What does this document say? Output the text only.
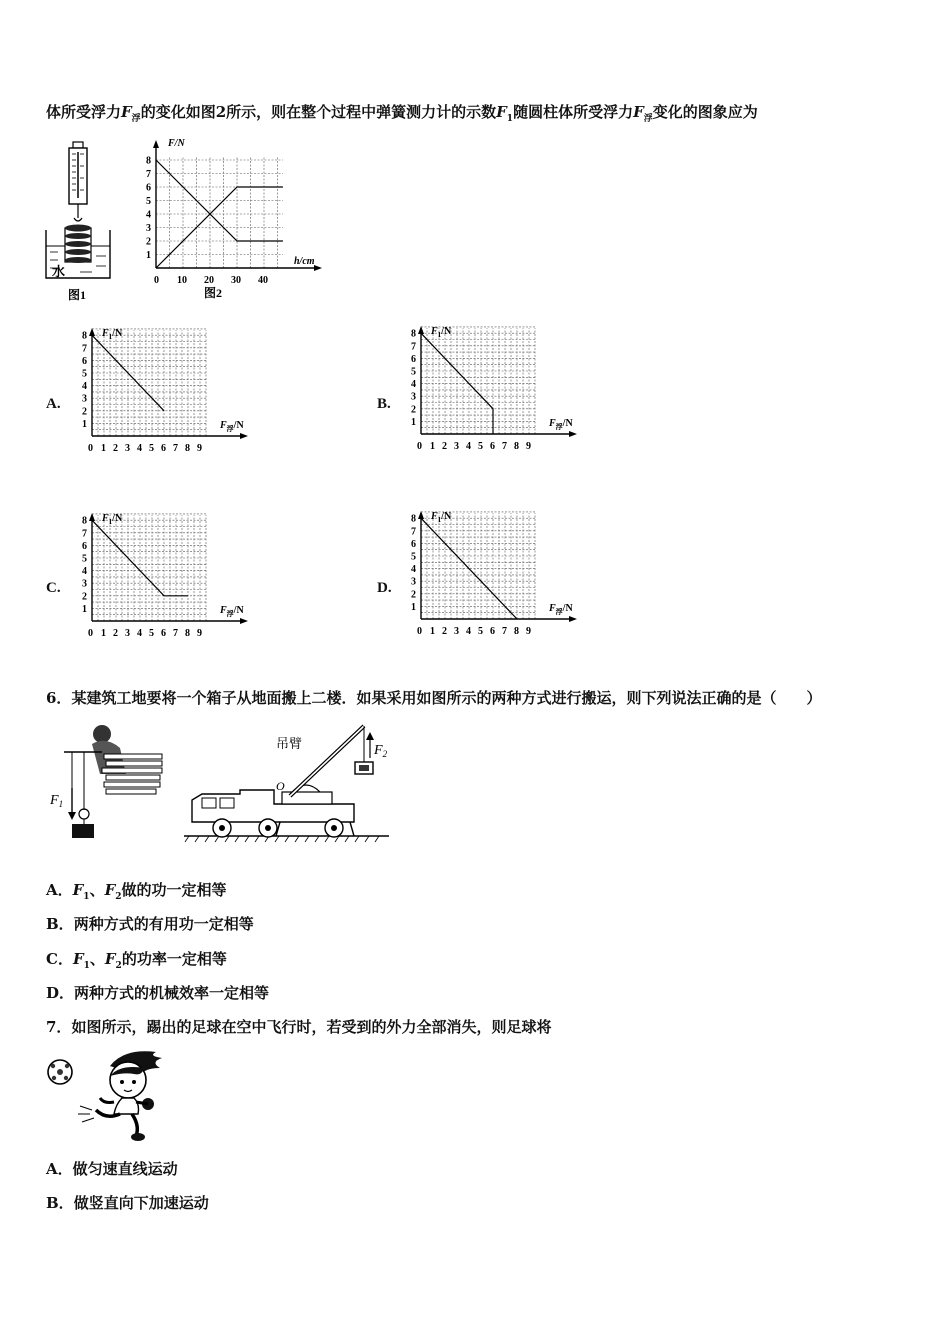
体所受浮力$F_浮$的变化如图2所示，则在整个过程中弹簧测力计的示数$F_1$随圆柱体所受浮力$F_浮$变化的图象应为
水
图1
1
2
3
4
5
6
7
8
0 10 20 30 40
F/N
h/cm
图2
A.
1
2
3
4
5
6
7
8
0 1 2 3 4 5 6 7 8 9
$F_1/N$
$F_浮/N$
B.
1
2
3
4
5
6
7
8
0 1 2 3 4 5 6 7 8 9
$F_1/N$
$F_浮/N$
C.
1
2
3
4
5
6
7
8
0 1 2 3 4 5 6 7 8 9
$F_1/N$
$F_浮/N$
D.
1
2
3
4
5
6
7
8
0 1 2 3 4 5 6 7 8 9
$F_1/N$
$F_浮/N$
6．某建筑工地要将一个箱子从地面搬上二楼．如果采用如图所示的两种方式进行搬运，则下列说法正确的是（　　）
$F_1$
吊臂
O
$F_2$
A．$F_1$、$F_2$做的功一定相等
B．两种方式的有用功一定相等
C．$F_1$、$F_2$的功率一定相等
D．两种方式的机械效率一定相等
7．如图所示，踢出的足球在空中飞行时，若受到的外力全部消失，则足球将
A．做匀速直线运动
B．做竖直向下加速运动
